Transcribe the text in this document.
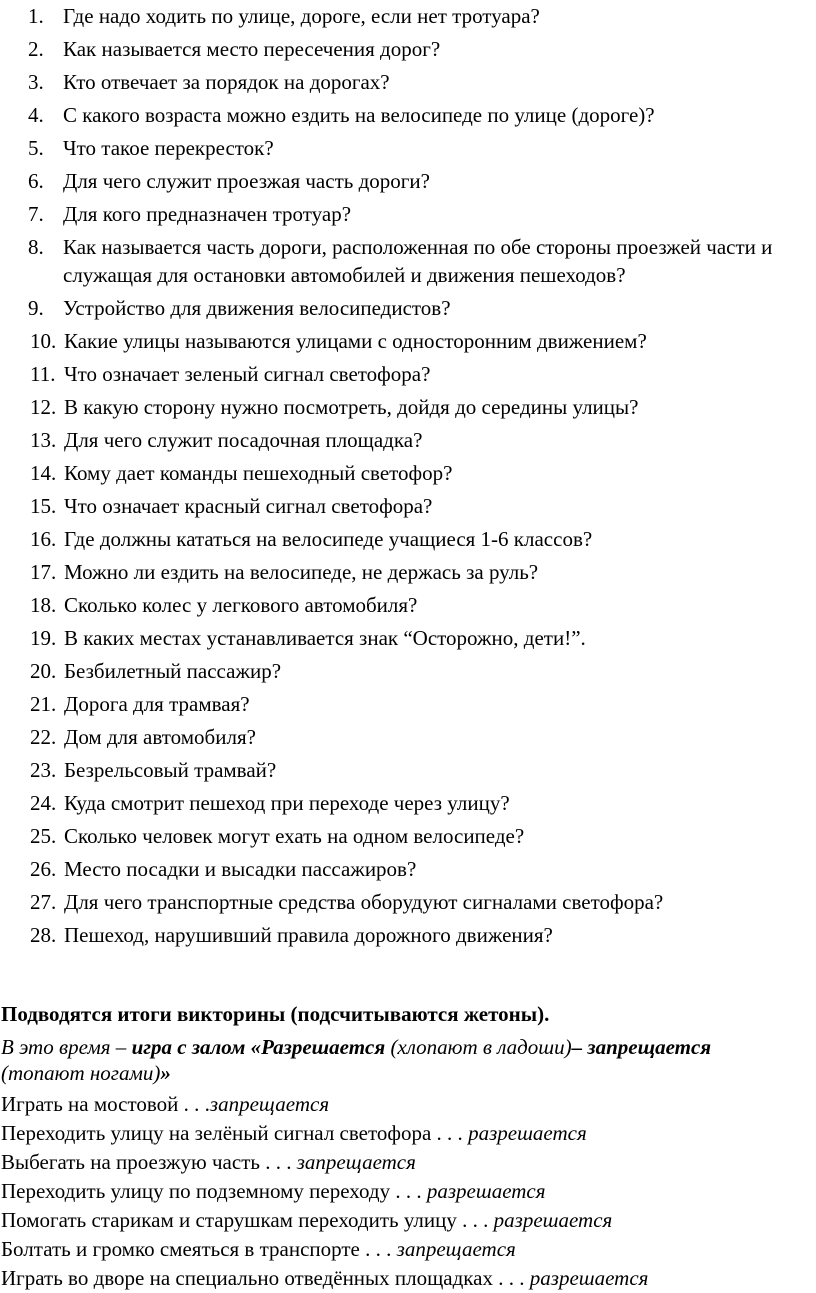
1. Где надо ходить по улице, дороге, если нет тротуара?
2. Как называется место пересечения дорог?
3. Кто отвечает за порядок на дорогах?
4. С какого возраста можно ездить на велосипеде по улице (дороге)?
5. Что такое перекресток?
6. Для чего служит проезжая часть дороги?
7. Для кого предназначен тротуар?
8. Как называется часть дороги, расположенная по обе стороны проезжей части и служащая для остановки автомобилей и движения пешеходов?
9. Устройство для движения велосипедистов?
10. Какие улицы называются улицами с односторонним движением?
11. Что означает зеленый сигнал светофора?
12. В какую сторону нужно посмотреть, дойдя до середины улицы?
13. Для чего служит посадочная площадка?
14. Кому дает команды пешеходный светофор?
15. Что означает красный сигнал светофора?
16. Где должны кататься на велосипеде учащиеся 1-6 классов?
17. Можно ли ездить на велосипеде, не держась за руль?
18. Сколько колес у легкового автомобиля?
19. В каких местах устанавливается знак “Осторожно, дети!”.
20. Безбилетный пассажир?
21. Дорога для трамвая?
22. Дом для автомобиля?
23. Безрельсовый трамвай?
24. Куда смотрит пешеход при переходе через улицу?
25. Сколько человек могут ехать на одном велосипеде?
26. Место посадки и высадки пассажиров?
27. Для чего транспортные средства оборудуют сигналами светофора?
28. Пешеход, нарушивший правила дорожного движения?
Подводятся итоги викторины (подсчитываются жетоны).
В это время – игра с залом «Разрешается (хлопают в ладоши)– запрещается (топают ногами)»
Играть на мостовой . . .запрещается
Переходить улицу на зелёный сигнал светофора . . . разрешается
Выбегать на проезжую часть . . . запрещается
Переходить улицу по подземному переходу . . . разрешается
Помогать старикам и старушкам переходить улицу . . . разрешается
Болтать и громко смеяться в транспорте . . . запрещается
Играть во дворе на специально отведённых площадках . . . разрешается
